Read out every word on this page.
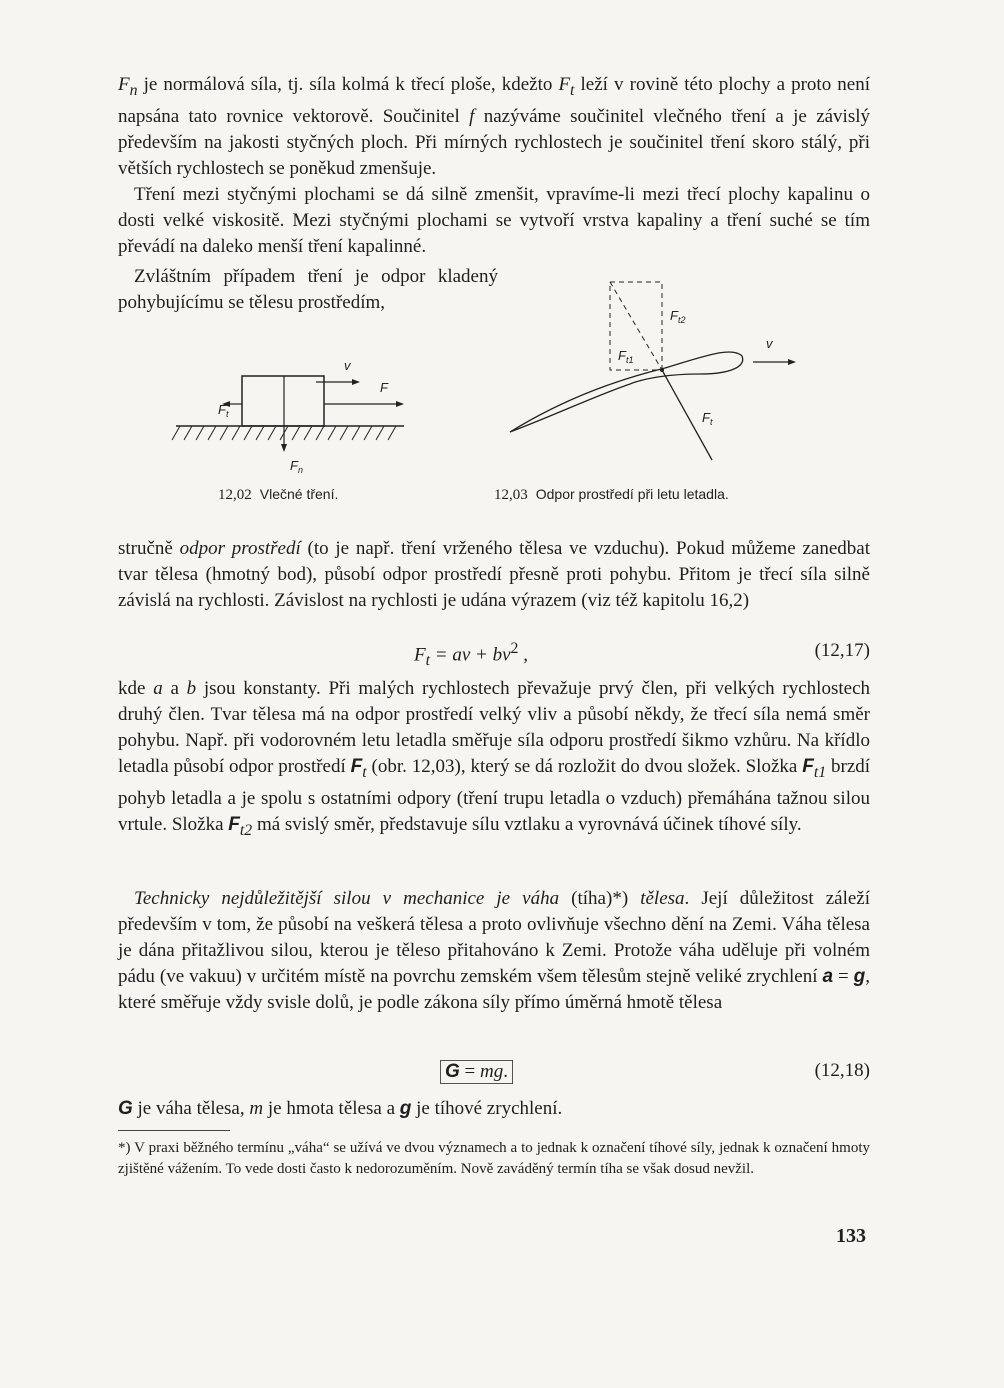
$F_n$ je normálová síla, tj. síla kolmá k třecí ploše, kdežto $F_t$ leží v rovině této plochy a proto není napsána tato rovnice vektorově. Součinitel f nazýváme součinitel vlečného tření a je závislý především na jakosti styčných ploch. Při mírných rychlostech je součinitel tření skoro stálý, při větších rychlostech se poněkud zmenšuje.

Tření mezi styčnými plochami se dá silně zmenšit, vpravíme-li mezi třecí plochy kapalinu o dosti velké viskositě. Mezi styčnými plochami se vytvoří vrstva kapaliny a tření suché se tím převádí na daleko menší tření kapalinné.

Zvláštním případem tření je odpor kladený pohybujícímu se tělesu prostředím,

v
F
$F_t$
$F_n$
12,02 Vlečné tření.
$F_{t2}$
$F_{t1}$
$F_t$
v
12,03 Odpor prostředí při letu letadla.

stručně odpor prostředí (to je např. tření vrženého tělesa ve vzduchu). Pokud můžeme zanedbat tvar tělesa (hmotný bod), působí odpor prostředí přesně proti pohybu. Přitom je třecí síla silně závislá na rychlosti. Závislost na rychlosti je udána výrazem (viz též kapitolu 16,2)

$F_t$ = av + $bv^2$ ,	(12,17)

kde a a b jsou konstanty. Při malých rychlostech převažuje prvý člen, při velkých rychlostech druhý člen. Tvar tělesa má na odpor prostředí velký vliv a působí někdy, že třecí síla nemá směr pohybu. Např. při vodorovném letu letadla směřuje síla odporu prostředí šikmo vzhůru. Na křídlo letadla působí odpor prostředí $F_t$ (obr. 12,03), který se dá rozložit do dvou složek. Složka $F_{t1}$ brzdí pohyb letadla a je spolu s ostatními odpory (tření trupu letadla o vzduch) přemáhána tažnou silou vrtule. Složka $F_{t2}$ má svislý směr, představuje sílu vztlaku a vyrovnává účinek tíhové síly.

Technicky nejdůležitější silou v mechanice je váha (tíha)*) tělesa. Její důležitost záleží především v tom, že působí na veškerá tělesa a proto ovlivňuje všechno dění na Zemi. Váha tělesa je dána přitažlivou silou, kterou je těleso přitahováno k Zemi. Protože váha uděluje při volném pádu (ve vakuu) v určitém místě na povrchu zemském všem tělesům stejně veliké zrychlení a = g, které směřuje vždy svisle dolů, je podle zákona síly přímo úměrná hmotě tělesa

G = mg.	(12,18)

G je váha tělesa, m je hmota tělesa a g je tíhové zrychlení.

*) V praxi běžného termínu „váha“ se užívá ve dvou významech a to jednak k označení tíhové síly, jednak k označení hmoty zjištěné vážením. To vede dosti často k nedorozuměním. Nově zaváděný termín tíha se však dosud nevžil.

133
